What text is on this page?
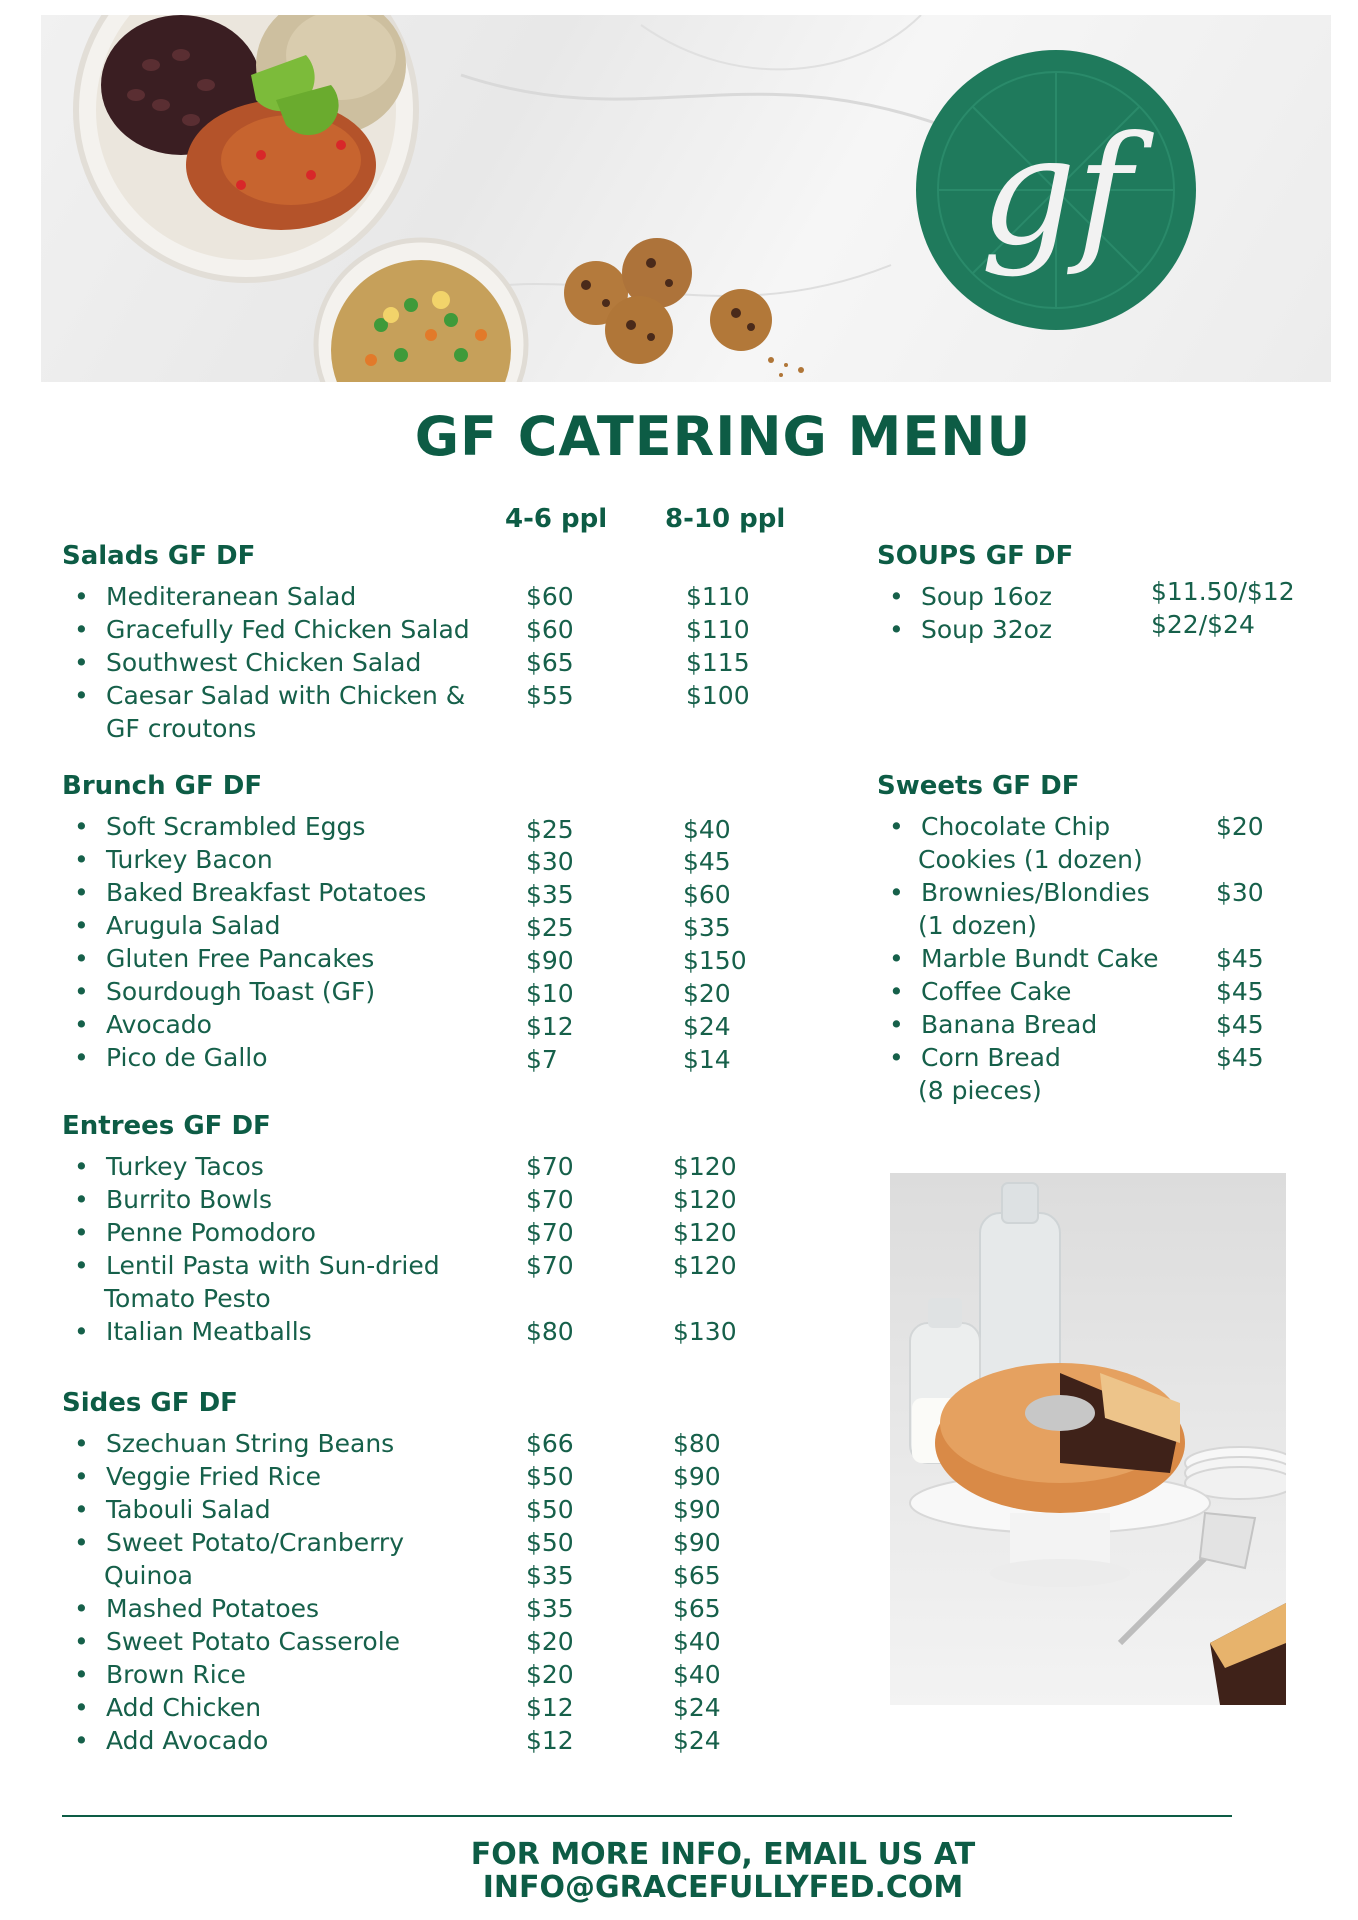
gf
GF CATERING MENU
4-6 ppl 8-10 ppl
Salads GF DF
• Mediteranean Salad	$60	$110
• Gracefully Fed Chicken Salad $60	$110
• Southwest Chicken Salad	$65	$115
• Caesar Salad with Chicken & $55	$100
GF croutons
Brunch GF DF
• Soft Scrambled Eggs	$25	$40
• Turkey Bacon	$30	$45
• Baked Breakfast Potatoes	$35	$60
• Arugula Salad	$25	$35
• Gluten Free Pancakes	$90	$150
• Sourdough Toast (GF)	$10	$20
• Avocado	$12	$24
• Pico de Gallo	$7	$14
Entrees GF DF
• Turkey Tacos	$70	$120
• Burrito Bowls	$70	$120
• Penne Pomodoro	$70	$120
• Lentil Pasta with Sun-dried	$70	$120
Tomato Pesto
• Italian Meatballs	$80	$130
Sides GF DF
• Szechuan String Beans	$66	$80
• Veggie Fried Rice	$50	$90
• Tabouli Salad	$50	$90
• Sweet Potato/Cranberry	$50	$90
Quinoa	$35	$65
• Mashed Potatoes	$35	$65
• Sweet Potato Casserole	$20	$40
• Brown Rice	$20	$40
• Add Chicken	$12	$24
• Add Avocado	$12	$24
SOUPS GF DF
• Soup 16oz	$11.50/$12
• Soup 32oz	$22/$24
Sweets GF DF
• Chocolate Chip	$20
Cookies (1 dozen)
• Brownies/Blondies	$30
(1 dozen)
• Marble Bundt Cake $45
• Coffee Cake	$45
• Banana Bread	$45
• Corn Bread	$45
(8 pieces)
FOR MORE INFO, EMAIL US AT
INFO@GRACEFULLYFED.COM
